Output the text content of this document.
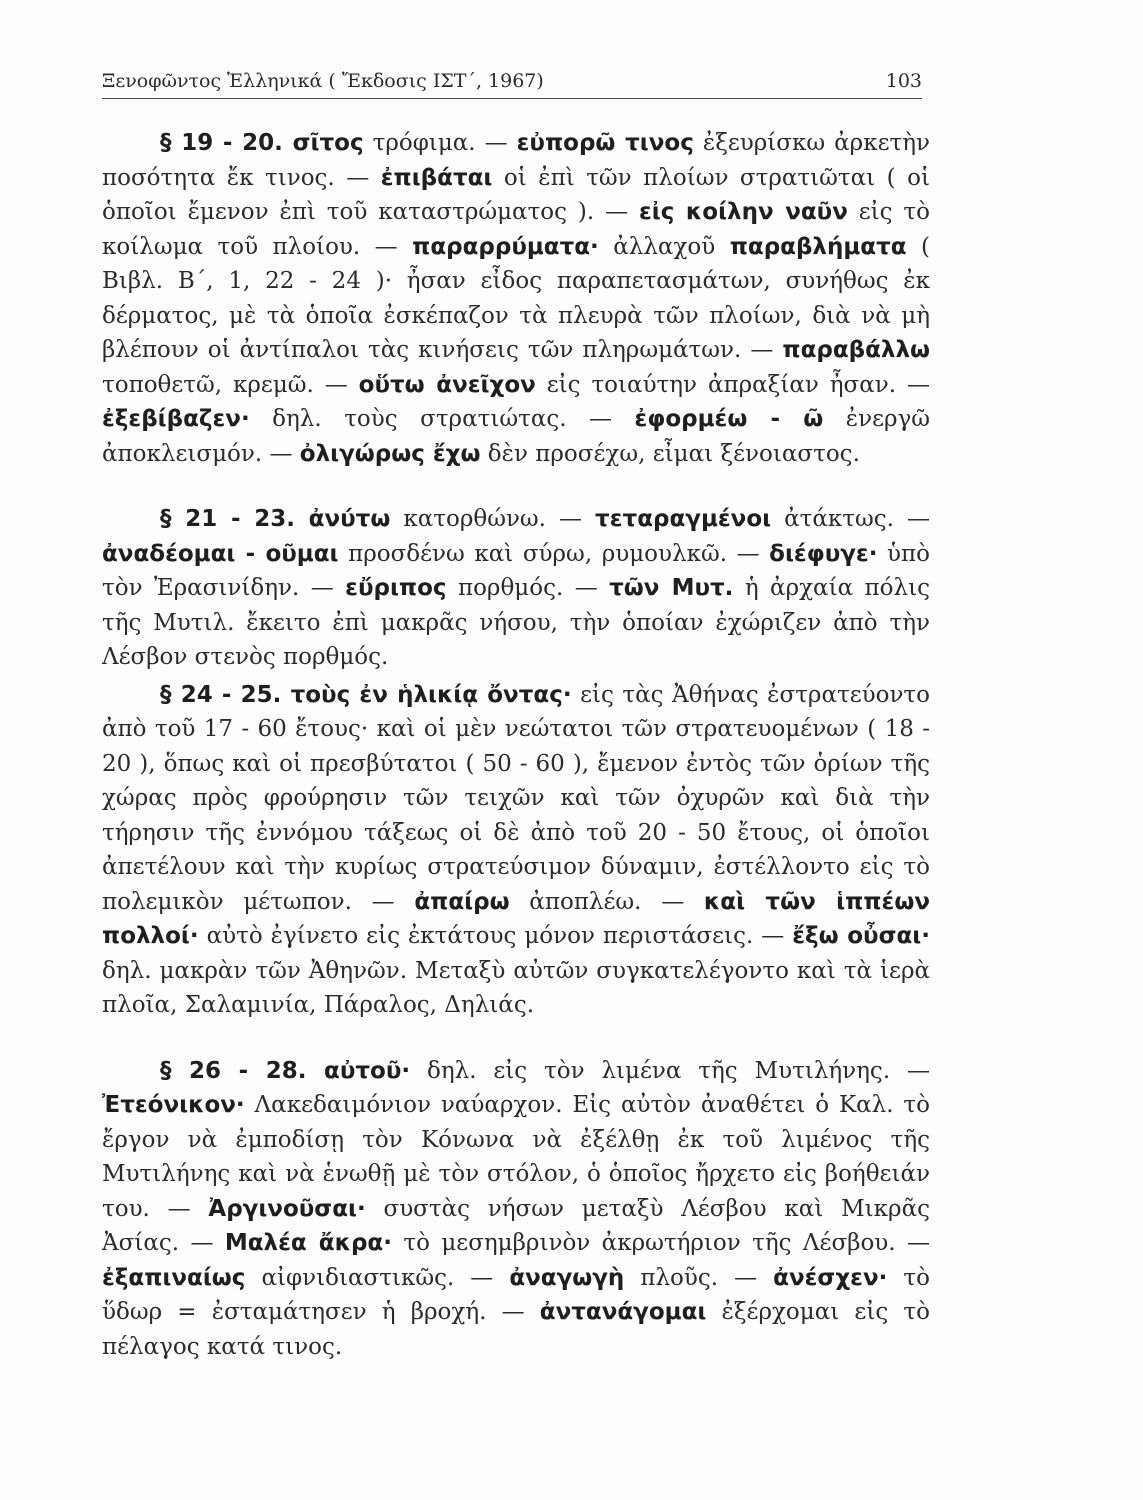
Ξενοφῶντος Ἑλληνικά ( Ἔκδοσις ΙΣΤ΄, 1967)	103

§ 19 - 20. σῖτος τρόφιμα. — εὐπορῶ τινος ἐξευρίσκω ἀρκετὴν ποσότητα ἔκ τινος. — ἐπιβάται οἱ ἐπὶ τῶν πλοίων στρατιῶται ( οἱ ὁποῖοι ἔμενον ἐπὶ τοῦ καταστρώματος ). — εἰς κοίλην ναῦν εἰς τὸ κοίλωμα τοῦ πλοίου. — παραρρύματα· ἀλλαχοῦ παραβλήματα ( Βιβλ. Β΄, 1, 22 - 24 )· ἦσαν εἶδος παραπετασμάτων, συνήθως ἐκ δέρματος, μὲ τὰ ὁποῖα ἐσκέπαζον τὰ πλευρὰ τῶν πλοίων, διὰ νὰ μὴ βλέπουν οἱ ἀντίπαλοι τὰς κινήσεις τῶν πληρωμάτων. — παραβάλλω τοποθετῶ, κρεμῶ. — οὕτω ἀνεῖχον εἰς τοιαύτην ἀπραξίαν ἦσαν. — ἐξεβίβαζεν· δηλ. τοὺς στρατιώτας. — ἐφορμέω - ῶ ἐνεργῶ ἀποκλεισμόν. — ὀλιγώρως ἔχω δὲν προσέχω, εἶμαι ξένοιαστος.

§ 21 - 23. ἀνύτω κατορθώνω. — τεταραγμένοι ἀτάκτως. — ἀναδέομαι - οῦμαι προσδένω καὶ σύρω, ρυμουλκῶ. — διέφυγε· ὑπὸ τὸν Ἐρασινίδην. — εὔριπος πορθμός. — τῶν Μυτ. ἡ ἀρχαία πόλις τῆς Μυτιλ. ἔκειτο ἐπὶ μακρᾶς νήσου, τὴν ὁποίαν ἐχώριζεν ἀπὸ τὴν Λέσβον στενὸς πορθμός.

§ 24 - 25. τοὺς ἐν ἡλικίᾳ ὄντας· εἰς τὰς Ἀθήνας ἐστρατεύοντο ἀπὸ τοῦ 17 - 60 ἔτους· καὶ οἱ μὲν νεώτατοι τῶν στρατευομένων ( 18 - 20 ), ὅπως καὶ οἱ πρεσβύτατοι ( 50 - 60 ), ἔμενον ἐντὸς τῶν ὁρίων τῆς χώρας πρὸς φρούρησιν τῶν τειχῶν καὶ τῶν ὀχυρῶν καὶ διὰ τὴν τήρησιν τῆς ἐννόμου τάξεως οἱ δὲ ἀπὸ τοῦ 20 - 50 ἔτους, οἱ ὁποῖοι ἀπετέλουν καὶ τὴν κυρίως στρατεύσιμον δύναμιν, ἐστέλλοντο εἰς τὸ πολεμικὸν μέτωπον. — ἀπαίρω ἀποπλέω. — καὶ τῶν ἱππέων πολλοί· αὐτὸ ἐγίνετο εἰς ἐκτάτους μόνον περιστάσεις. — ἔξω οὖσαι· δηλ. μακρὰν τῶν Ἀθηνῶν. Μεταξὺ αὐτῶν συγκατελέγοντο καὶ τὰ ἱερὰ πλοῖα, Σαλαμινία, Πάραλος, Δηλιάς.

§ 26 - 28. αὐτοῦ· δηλ. εἰς τὸν λιμένα τῆς Μυτιλήνης. — Ἐτεόνικον· Λακεδαιμόνιον ναύαρχον. Εἰς αὐτὸν ἀναθέτει ὁ Καλ. τὸ ἔργον νὰ ἐμποδίσῃ τὸν Κόνωνα νὰ ἐξέλθῃ ἐκ τοῦ λιμένος τῆς Μυτιλήνης καὶ νὰ ἑνωθῇ μὲ τὸν στόλον, ὁ ὁποῖος ἤρχετο εἰς βοήθειάν του. — Ἀργινοῦσαι· συστὰς νήσων μεταξὺ Λέσβου καὶ Μικρᾶς Ἀσίας. — Μαλέα ἄκρα· τὸ μεσημβρινὸν ἀκρωτήριον τῆς Λέσβου. — ἐξαπιναίως αἰφνιδιαστικῶς. — ἀναγωγὴ πλοῦς. — ἀνέσχεν· τὸ ὕδωρ = ἐσταμάτησεν ἡ βροχή. — ἀντανάγομαι ἐξέρχομαι εἰς τὸ πέλαγος κατά τινος.
